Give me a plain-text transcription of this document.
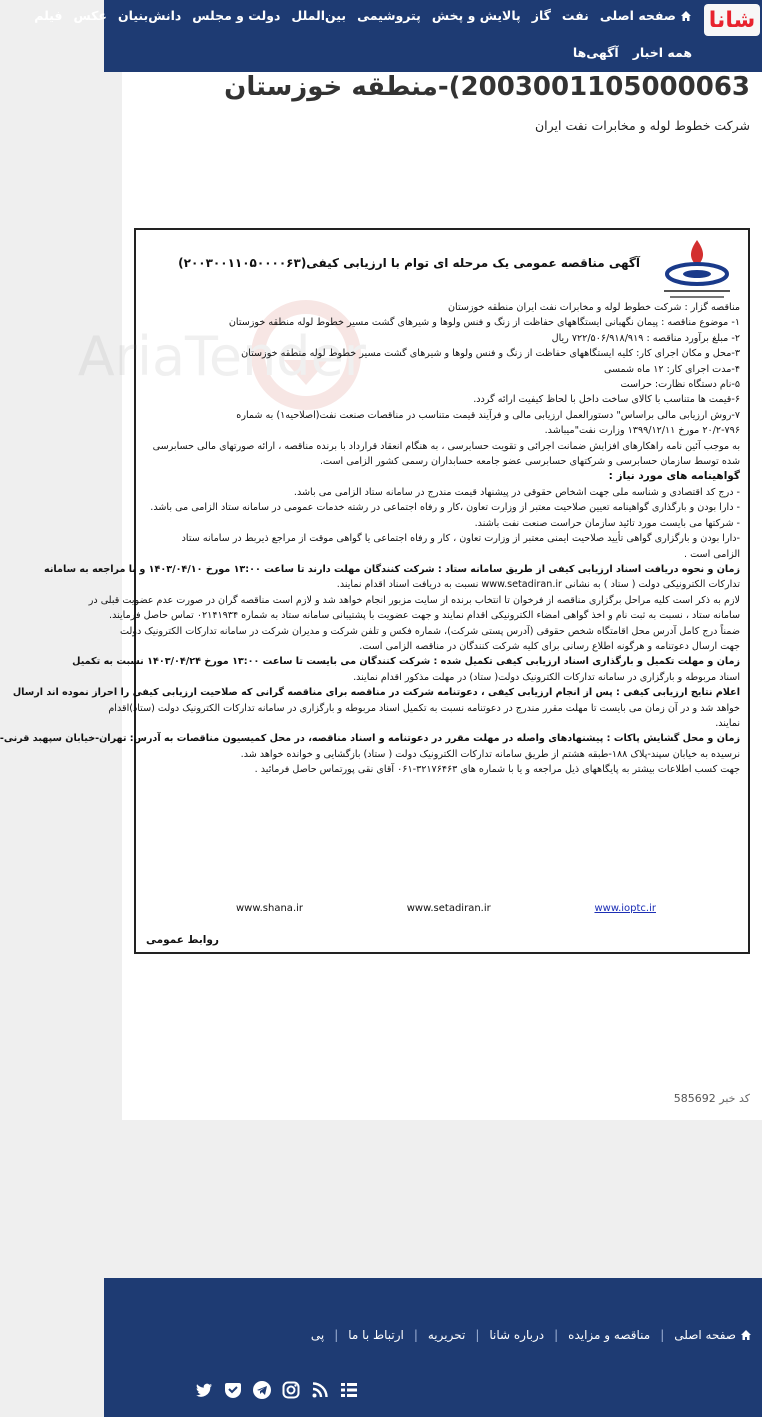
شانا
صفحه اصلی
نفت
گاز
پالایش و پخش
پتروشیمی
بین‌الملل
دولت و مجلس
دانش‌بنیان
عکس
فیلم
همه اخبار
آگهی‌ها
2003001105000063)-منطقه خوزستان
شرکت خطوط لوله و مخابرات نفت ایران
AriaTender
آگهی مناقصه عمومی یک مرحله ای توام با ارزیابی کیفی(۲۰۰۳۰۰۱۱۰۵۰۰۰۰۶۳)
مناقصه گزار : شرکت خطوط لوله و مخابرات نفت ایران منطقه خوزستان
۱- موضوع مناقصه : پیمان نگهبانی ایستگاههای حفاظت از زنگ و فنس ولوها و شیرهای گشت مسیر خطوط لوله منطقه خوزستان
۲- مبلغ برآورد مناقصه : ۷۲۲/۵۰۶/۹۱۸/۹۱۹ ریال
۳-محل و مکان اجرای کار: کلیه ایستگاههای حفاظت از زنگ و فنس ولوها و شیرهای گشت مسیر خطوط لوله منطقه خوزستان
۴-مدت اجرای کار: ۱۲ ماه شمسی
۵-نام دستگاه نظارت: حراست
۶-قیمت ها متناسب با کالای ساخت داخل با لحاظ کیفیت ارائه گردد.
۷-روش ارزیابی مالی براساس" دستورالعمل ارزیابی مالی و فرآیند قیمت متناسب در مناقصات صنعت نفت(اصلاحیه۱) به شماره
۲۰/۲-۷۹۶ مورخ ۱۳۹۹/۱۲/۱۱ وزارت نفت"میباشد.
به موجب آئین نامه راهکارهای افزایش ضمانت اجرائی و تقویت حسابرسی ، به هنگام انعقاد قرارداد با برنده مناقصه ، ارائه صورتهای مالی حسابرسی
شده توسط سازمان حسابرسی و شرکتهای حسابرسی عضو جامعه حسابداران رسمی کشور الزامی است.
گواهینامه های مورد نیاز :
- درج کد اقتصادی و شناسه ملی جهت اشخاص حقوقی در پیشنهاد قیمت مندرج در سامانه ستاد الزامی می باشد.
- دارا بودن و بارگذاری گواهینامه تعیین صلاحیت معتبر از وزارت تعاون ،کار و رفاه اجتماعی در رشته خدمات عمومی در سامانه ستاد الزامی می باشد.
- شرکتها می بایست مورد تائید سازمان حراست صنعت نفت باشند.
-دارا بودن و بارگزاری گواهی تأیید صلاحیت ایمنی معتبر از وزارت تعاون ، کار و رفاه اجتماعی یا گواهی موقت از مراجع ذیربط در سامانه ستاد
الزامی است .
زمان و نحوه دریافت اسناد ارزیابی کیفی از طریق سامانه ستاد : شرکت کنندگان مهلت دارند تا ساعت ۱۳:۰۰ مورخ ۱۴۰۳/۰۴/۱۰ و با مراجعه به سامانه
تدارکات الکترونیکی دولت ( ستاد ) به نشانی www.setadiran.ir نسبت به دریافت اسناد اقدام نمایند.
لازم به ذکر است کلیه مراحل برگزاری مناقصه از فرخوان تا انتخاب برنده از سایت مزبور انجام خواهد شد و لازم است مناقصه گران در صورت عدم عضویت قبلی در
سامانه ستاد ، نسبت به ثبت نام و اخذ گواهی امضاء الکترونیکی اقدام نمایند و جهت عضویت با پشتیبانی سامانه ستاد به شماره ۰۲۱۴۱۹۳۴ تماس حاصل فرمایند.
ضمناً درج کامل آدرس محل اقامتگاه شخص حقوقی (آدرس پستی شرکت)، شماره فکس و تلفن شرکت و مدیران شرکت در سامانه تدارکات الکترونیک دولت
جهت ارسال دعوتنامه و هرگونه اطلاع رسانی برای کلیه شرکت کنندگان در مناقصه الزامی است.
زمان و مهلت تکمیل و بارگذاری اسناد ارزیابی کیفی تکمیل شده : شرکت کنندگان می بایست تا ساعت ۱۳:۰۰ مورخ ۱۴۰۳/۰۴/۲۴ نسبت به تکمیل
اسناد مربوطه و بارگزاری در سامانه تدارکات الکترونیک دولت( ستاد) در مهلت مذکور اقدام نمایند.
اعلام نتایج ارزیابی کیفی : پس از انجام ارزیابی کیفی ، دعوتنامه شرکت در مناقصه برای مناقصه گرانی که صلاحیت ارزیابی کیفی را احراز نموده اند ارسال
خواهد شد و در آن زمان می بایست تا مهلت مقرر مندرج در دعوتنامه نسبت به تکمیل اسناد مربوطه و بارگزاری در سامانه تدارکات الکترونیک دولت (ستاد)اقدام
نمایند.
زمان و محل گشایش پاکات : پیشنهادهای واصله در مهلت مقرر در دعوتنامه و اسناد مناقصه، در محل کمیسیون مناقصات به آدرس: تهران-خیابان سپهبد قرنی-
نرسیده به خیابان سپند-پلاک ۱۸۸-طبقه هشتم از طریق سامانه تدارکات الکترونیک دولت ( ستاد) بازگشایی و خوانده خواهد شد.
جهت کسب اطلاعات بیشتر به پایگاههای ذیل مراجعه و یا با شماره های ۳۲۱۷۶۴۶۳-۰۶۱ آقای نقی پورتماس حاصل فرمائید .
www.shana.ir	www.setadiran.ir	www.ioptc.ir
روابط عمومی
کد خبر 585692
صفحه اصلی
|
مناقصه و مزایده
|
درباره شانا
|
تحریریه
|
ارتباط با ما
|
پی
